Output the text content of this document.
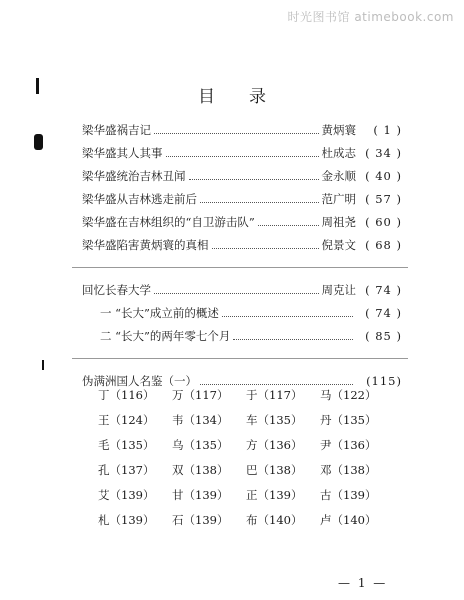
时光图书馆 atimebook.com
目录
梁华盛祸吉记	黄炳寰	( 1 )
梁华盛其人其事	杜成志 ( 34 )
梁华盛统治吉林丑闻	金永顺 ( 40 )
梁华盛从吉林逃走前后	范广明 ( 57 )
梁华盛在吉林组织的“自卫游击队”	周祖尧 ( 60 )
梁华盛陷害黄炳寰的真相	倪景文 ( 68 )
回忆长春大学	周克让 ( 74 )
一 “长大”成立前的概述	( 74 )
二 “长大”的两年零七个月	( 85 )
伪满洲国人名鉴（一）	(115)
丁（116）	万（117）	于（117）	马（122）
王（124）	韦（134）	车（135）	丹（135）
毛（135）	乌（135）	方（136）	尹（136）
孔（137）	双（138）	巴（138）	邓（138）
艾（139）	甘（139）	正（139）	古（139）
札（139）	石（139）	布（140）	卢（140）
— 1 —
